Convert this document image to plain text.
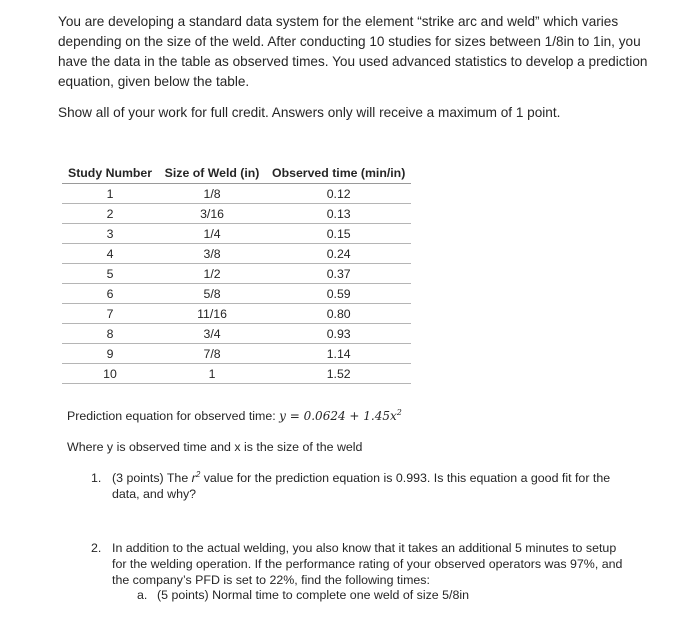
You are developing a standard data system for the element “strike arc and weld” which varies depending on the size of the weld. After conducting 10 studies for sizes between 1/8in to 1in, you have the data in the table as observed times. You used advanced statistics to develop a prediction equation, given below the table.

Show all of your work for full credit. Answers only will receive a maximum of 1 point.

Study Number	Size of Weld (in)	Observed time (min/in)
1	1/8	0.12
2	3/16	0.13
3	1/4	0.15
4	3/8	0.24
5	1/2	0.37
6	5/8	0.59
7	11/16	0.80
8	3/4	0.93
9	7/8	1.14
10	1	1.52
Prediction equation for observed time: $y = 0.0624 + 1.45x^2$
Where y is observed time and x is the size of the weld
1. (3 points) The $r^2$ value for the prediction equation is 0.993. Is this equation a good fit for the data, and why?
2. In addition to the actual welding, you also know that it takes an additional 5 minutes to setup for the welding operation. If the performance rating of your observed operators was 97%, and the company’s PFD is set to 22%, find the following times:
a. (5 points) Normal time to complete one weld of size 5/8in
